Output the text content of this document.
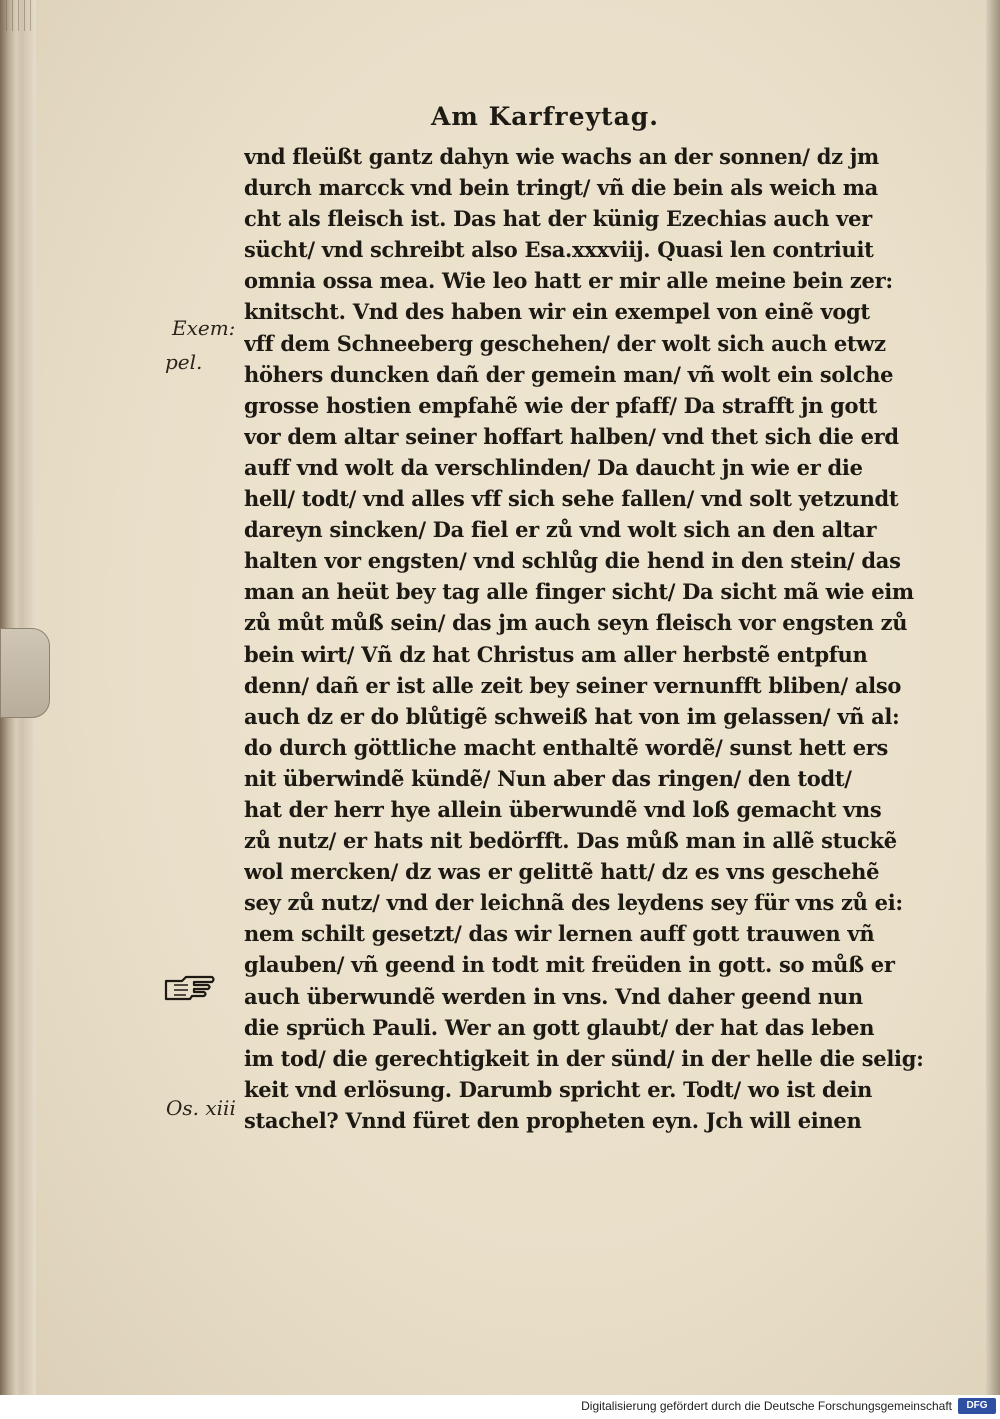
Am Karfreytag.
Exem:
pel.
Os. xiii
vnd fleüßt gantz dahyn wie wachs an der sonnen/ dz jm
durch marcck vnd bein tringt/ vñ die bein als weich ma
cht als fleisch ist. Das hat der künig Ezechias auch ver
sücht/ vnd schreibt also Esa.xxxviij. Quasi len contriuit
omnia ossa mea. Wie leo hatt er mir alle meine bein zer:
knitscht. Vnd des haben wir ein exempel von einẽ vogt
vff dem Schneeberg geschehen/ der wolt sich auch etwz
höhers duncken dañ der gemein man/ vñ wolt ein solche
grosse hostien empfahẽ wie der pfaff/ Da strafft jn gott
vor dem altar seiner hoffart halben/ vnd thet sich die erd
auff vnd wolt da verschlinden/ Da daucht jn wie er die
hell/ todt/ vnd alles vff sich sehe fallen/ vnd solt yetzundt
dareyn sincken/ Da fiel er zů vnd wolt sich an den altar
halten vor engsten/ vnd schlůg die hend in den stein/ das
man an heüt bey tag alle finger sicht/ Da sicht mã wie eim
zů můt můß sein/ das jm auch seyn fleisch vor engsten zů
bein wirt/ Vñ dz hat Christus am aller herbstẽ entpfun
denn/ dañ er ist alle zeit bey seiner vernunfft bliben/ also
auch dz er do blůtigẽ schweiß hat von im gelassen/ vñ al:
do durch göttliche macht enthaltẽ wordẽ/ sunst hett ers
nit überwindẽ kündẽ/ Nun aber das ringen/ den todt/
hat der herr hye allein überwundẽ vnd loß gemacht vns
zů nutz/ er hats nit bedörfft. Das můß man in allẽ stuckẽ
wol mercken/ dz was er gelittẽ hatt/ dz es vns geschehẽ
sey zů nutz/ vnd der leichnã des leydens sey für vns zů ei:
nem schilt gesetzt/ das wir lernen auff gott trauwen vñ
glauben/ vñ geend in todt mit freüden in gott. so můß er
auch überwundẽ werden in vns. Vnd daher geend nun
die sprüch Pauli. Wer an gott glaubt/ der hat das leben
im tod/ die gerechtigkeit in der sünd/ in der helle die selig:
keit vnd erlösung. Darumb spricht er. Todt/ wo ist dein
stachel? Vnnd füret den propheten eyn. Jch will einen
Digitalisierung gefördert durch die Deutsche Forschungsgemeinschaft	DFG
